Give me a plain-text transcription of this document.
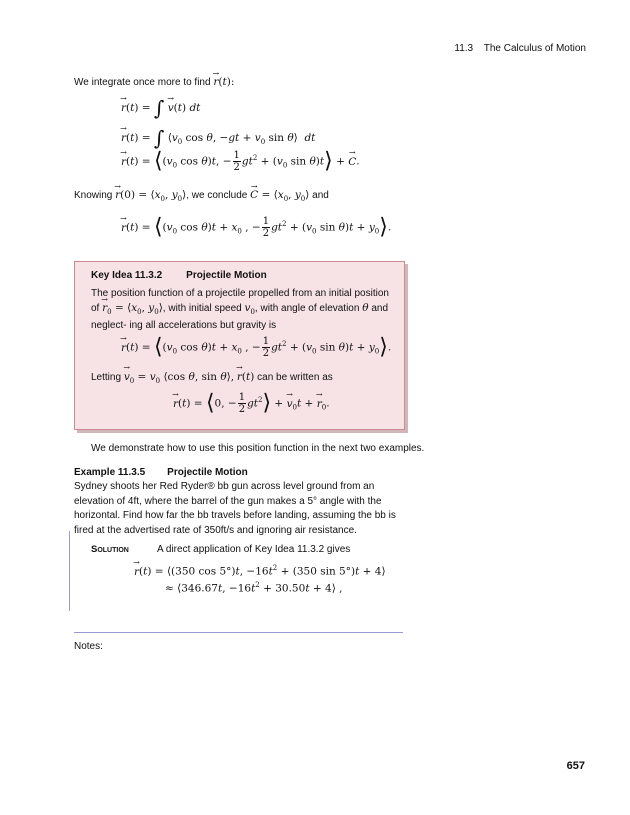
11.3 The Calculus of Motion
We integrate once more to find → r(t):
→ r(t) = ∫ → v(t) dt
→ r(t) = ∫ $⟨v_0$ cos θ, $-gt + v_0$ sin θ⟩  dt
→ $r(t) = ⟨(v_0$ cos θ)t, − $\frac{1}{2} gt^2 + (v_0$ sin θ)t⟩ + → C.
Knowing → $r(0) = ⟨x_0$, $y_0⟩$, we conclude → $C = ⟨x_0$, $y_0⟩$ and
→ $r(t) = ⟨(v_0$ $\cos \theta)t + x_0$ , − $\frac{1}{2} gt^2 + (v_0$ $\sin \theta)t + y_0⟩$.
Key Idea 11.3.2 Projectile Motion
The position function of a projectile propelled from an initial position of → $r_0$ = $⟨x_0$, $y_0⟩$, with initial speed $v_0$, with angle of elevation θ and neglect- ing all accelerations but gravity is
→ $r(t) = ⟨(v_0$ $\cos \theta)t + x_0$ , − $\frac{1}{2} gt^2 + (v_0$ $\sin \theta)t + y_0⟩$.
Letting → $v_0 = v_0$ ⟨cos θ, sin θ⟩, → r(t) can be written as
→ r(t) = ⟨0, − $\frac{1}{2}$ $gt^2⟩$ + → $v_0t$ + → $r_0$.
We demonstrate how to use this position function in the next two examples.
Example 11.3.5 Projectile Motion
Sydney shoots her Red Ryder® bb gun across level ground from an elevation of 4ft, where the barrel of the gun makes a 5° angle with the horizontal. Find how far the bb travels before landing, assuming the bb is fired at the advertised rate of 350ft/s and ignoring air resistance.
Solution	A direct application of Key Idea 11.3.2 gives
→ r(t) = ⟨(350 cos 5°)t, $-16t^2 + (350$ sin 5°)t + 4⟩
≈ ⟨346.67t, $-16t^2 + 30.50t$ + 4⟩ ,
Notes:
657
